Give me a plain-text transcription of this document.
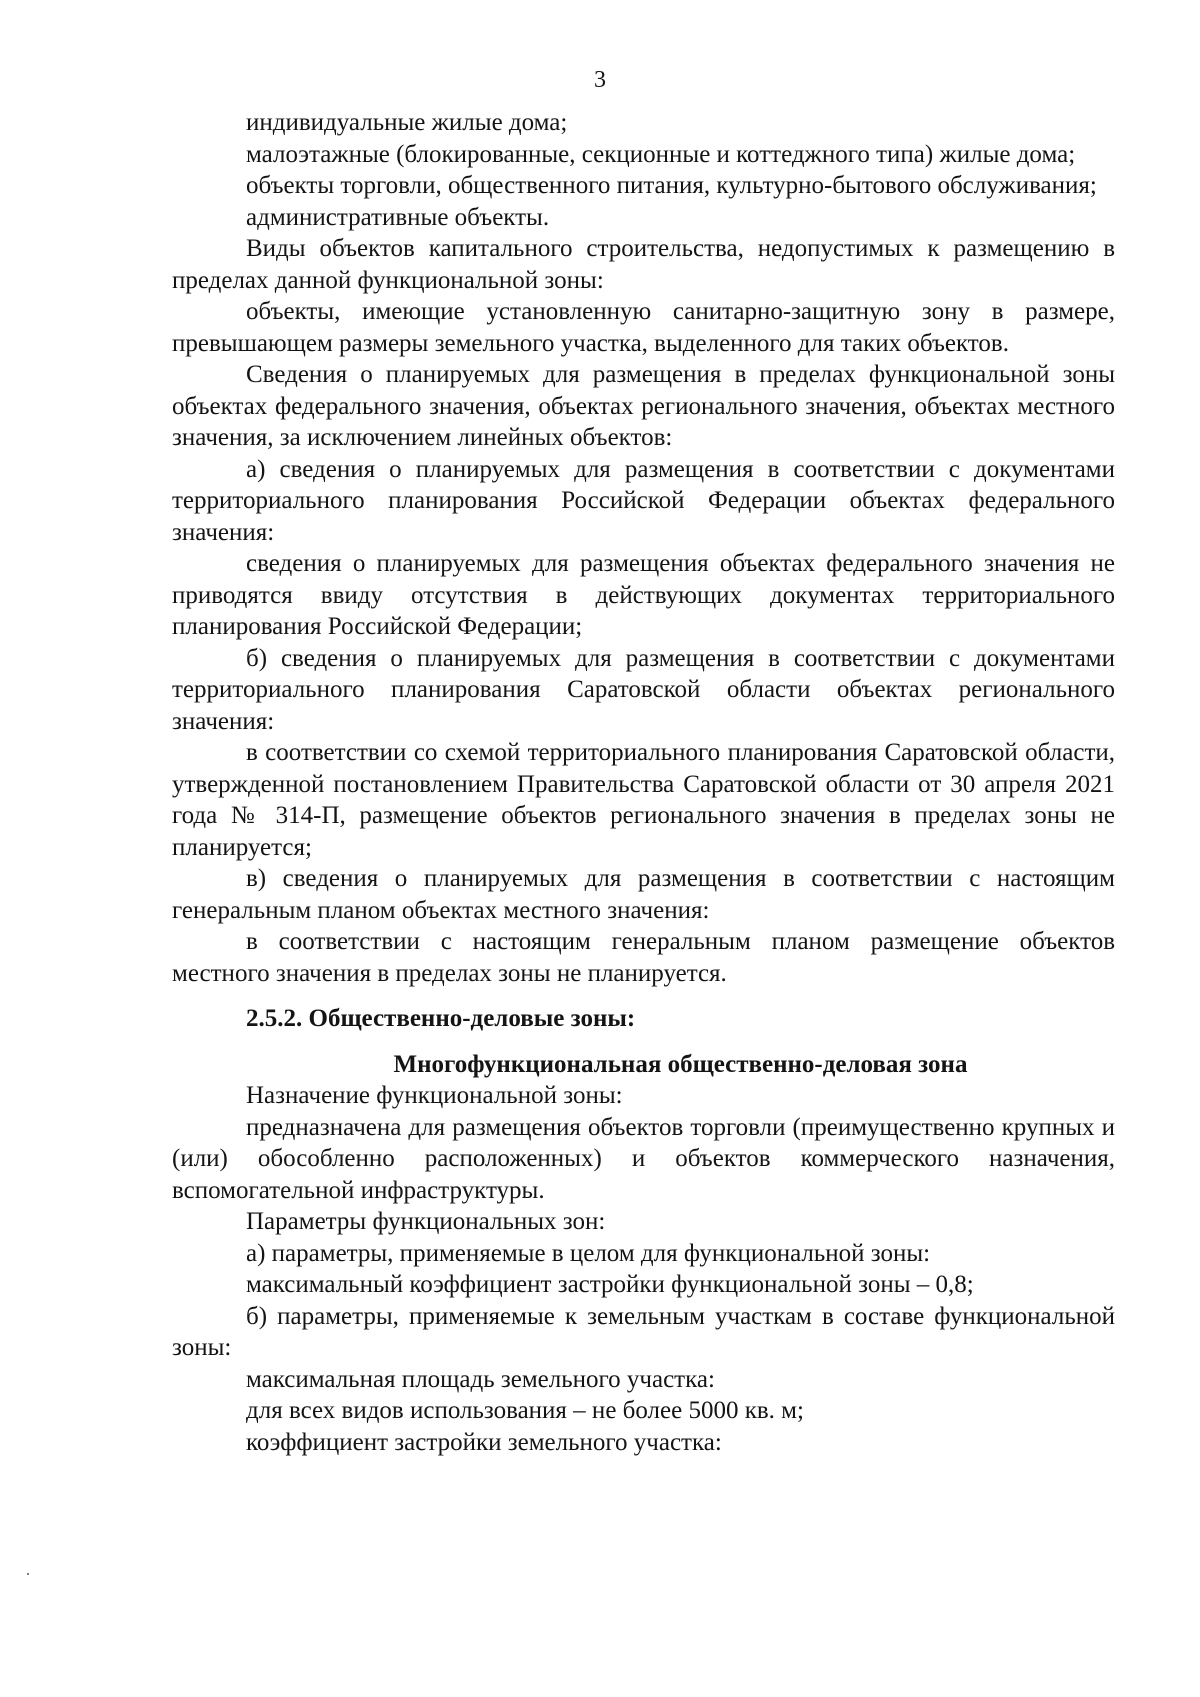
3

индивидуальные жилые дома;

малоэтажные (блокированные, секционные и коттеджного типа) жилые дома;

объекты торговли, общественного питания, культурно-бытового обслуживания;

административные объекты.

Виды объектов капитального строительства, недопустимых к размещению в пределах данной функциональной зоны:

объекты, имеющие установленную санитарно-защитную зону в размере, превышающем размеры земельного участка, выделенного для таких объектов.

Сведения о планируемых для размещения в пределах функциональной зоны объектах федерального значения, объектах регионального значения, объектах местного значения, за исключением линейных объектов:

а) сведения о планируемых для размещения в соответствии с документами территориального планирования Российской Федерации объектах федерального значения:

сведения о планируемых для размещения объектах федерального значения не приводятся ввиду отсутствия в действующих документах территориального планирования Российской Федерации;

б) сведения о планируемых для размещения в соответствии с документами территориального планирования Саратовской области объектах регионального значения:

в соответствии со схемой территориального планирования Саратовской области, утвержденной постановлением Правительства Саратовской области от 30 апреля 2021 года № 314-П, размещение объектов регионального значения в пределах зоны не планируется;

в) сведения о планируемых для размещения в соответствии с настоящим генеральным планом объектах местного значения:

в соответствии с настоящим генеральным планом размещение объектов местного значения в пределах зоны не планируется.

2.5.2. Общественно-деловые зоны:

Многофункциональная общественно-деловая зона

Назначение функциональной зоны:

предназначена для размещения объектов торговли (преимущественно крупных и (или) обособленно расположенных) и объектов коммерческого назначения, вспомогательной инфраструктуры.

Параметры функциональных зон:

а) параметры, применяемые в целом для функциональной зоны:

максимальный коэффициент застройки функциональной зоны – 0,8;

б) параметры, применяемые к земельным участкам в составе функциональной зоны:

максимальная площадь земельного участка:

для всех видов использования – не более 5000 кв. м;

коэффициент застройки земельного участка:
